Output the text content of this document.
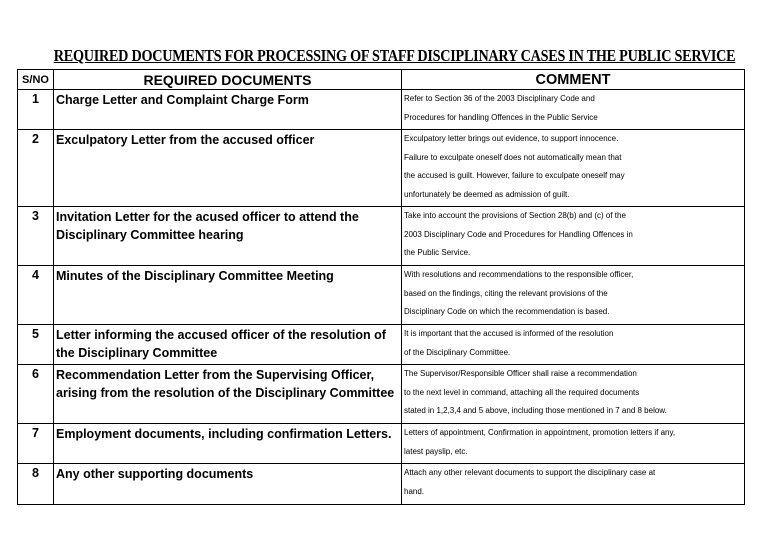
REQUIRED DOCUMENTS FOR PROCESSING OF STAFF DISCIPLINARY CASES IN THE PUBLIC SERVICE
S/NO	REQUIRED DOCUMENTS	COMMENT
1	Charge Letter and Complaint Charge Form	Refer to Section 36 of the 2003 Disciplinary Code and
Procedures for handling Offences in the Public Service

2	Exculpatory Letter from the accused officer	Exculpatory letter brings out evidence, to support innocence.
Failure to exculpate oneself does not automatically mean that
the accused is guilt. However, failure to exculpate oneself may
unfortunately be deemed as admission of guilt.

3	Invitation Letter for the acused officer to attend the Disciplinary Committee hearing	Take into account the provisions of Section 28(b) and (c) of the
2003 Disciplinary Code and Procedures for Handling Offences in
the Public Service.

4	Minutes of the Disciplinary Committee Meeting	With resolutions and recommendations to the responsible officer,
based on the findings, citing the relevant provisions of the
Disciplinary Code on which the recommendation is based.

5	Letter informing the accused officer of the resolution of the Disciplinary Committee	It is important that the accused is informed of the resolution
of the Disciplinary Committee.

6	Recommendation Letter from the Supervising Officer, arising from the resolution of the Disciplinary Committee	The Supervisor/Responsible Officer shall raise a recommendation
to the next level in command, attaching all the required documents
stated in 1,2,3,4 and 5 above, including those mentioned in 7 and 8 below.

7	Employment documents, including confirmation Letters.	Letters of appointment, Confirmation in appointment, promotion letters if any,
latest payslip, etc.

8	Any other supporting documents	Attach any other relevant documents to support the disciplinary case at
hand.
